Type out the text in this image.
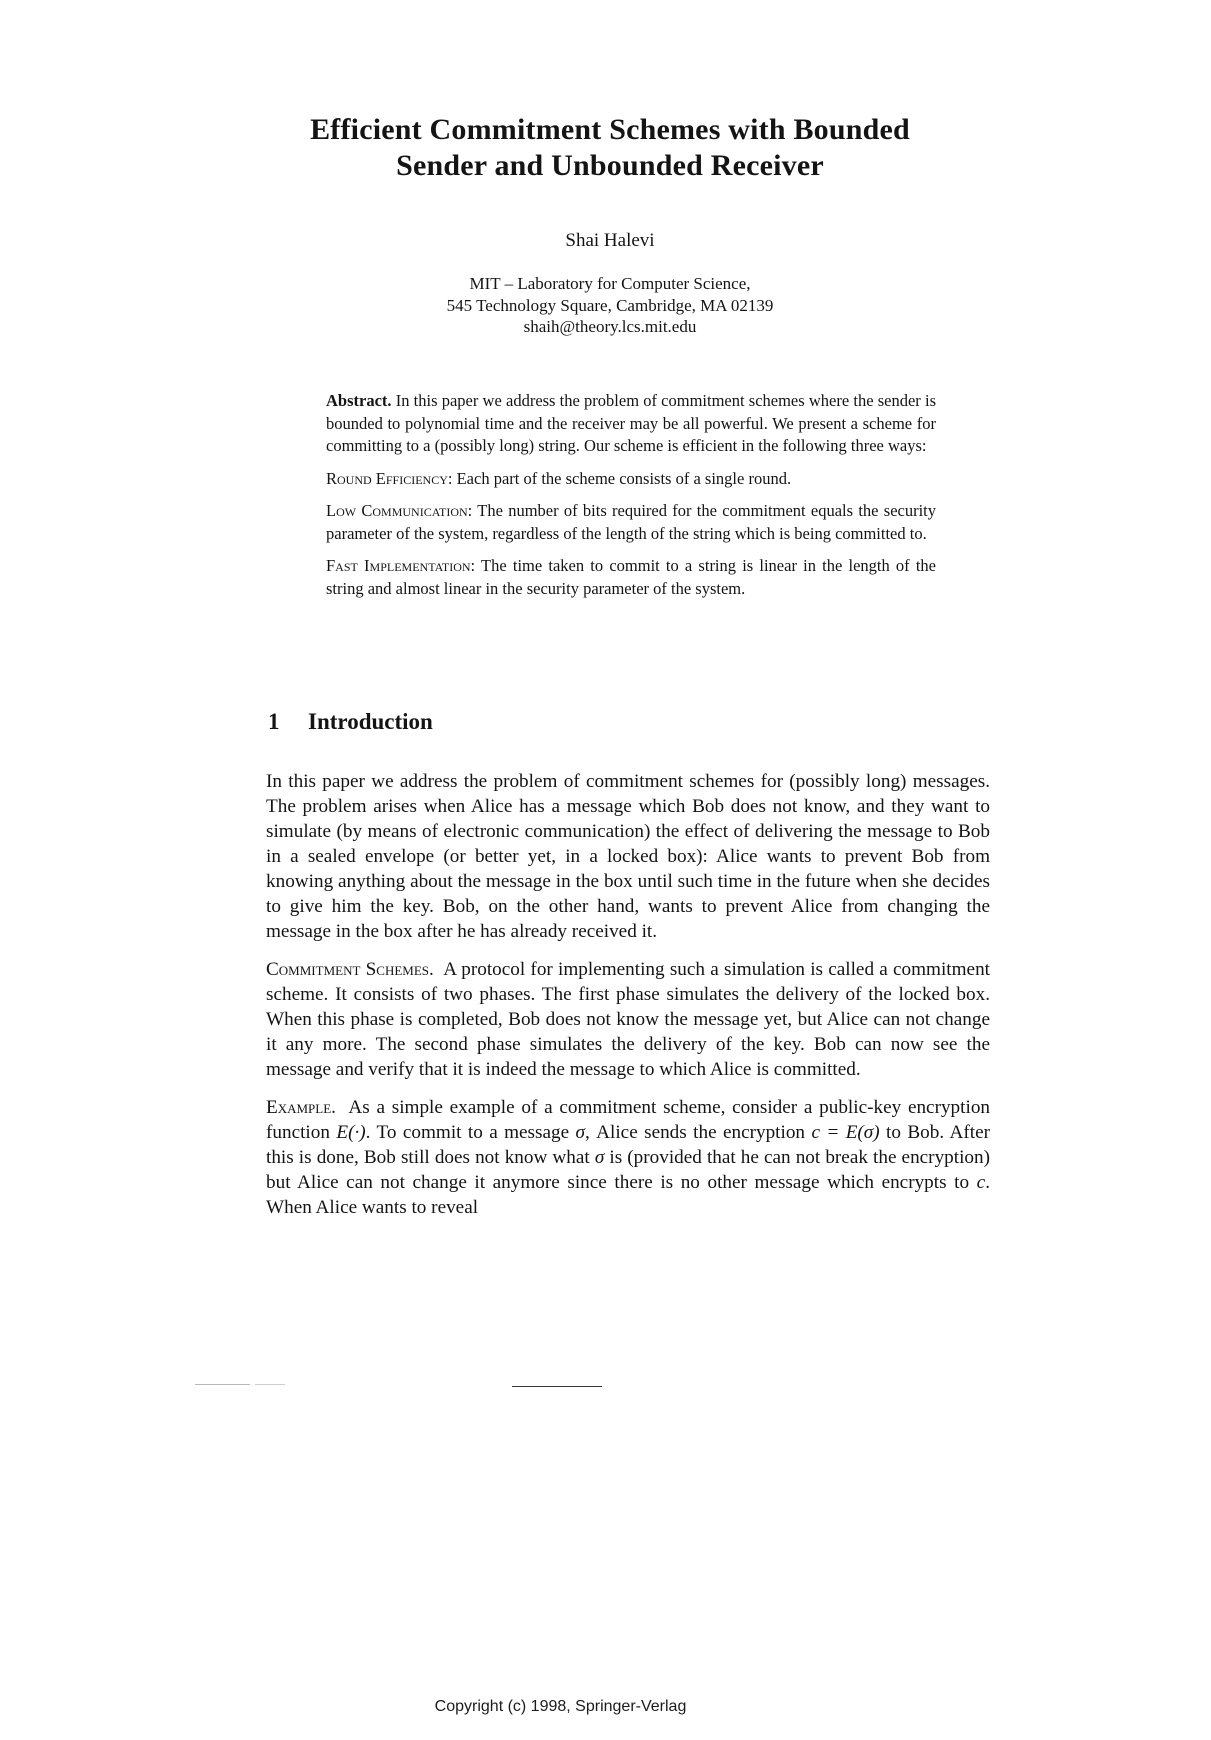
Efficient Commitment Schemes with Bounded
Sender and Unbounded Receiver
Shai Halevi
MIT – Laboratory for Computer Science,
545 Technology Square, Cambridge, MA 02139
shaih@theory.lcs.mit.edu

Abstract. In this paper we address the problem of commitment schemes where the sender is bounded to polynomial time and the receiver may be all powerful. We present a scheme for committing to a (possibly long) string. Our scheme is efficient in the following three ways:

Round Efficiency: Each part of the scheme consists of a single round.

Low Communication: The number of bits required for the commitment equals the security parameter of the system, regardless of the length of the string which is being committed to.

Fast Implementation: The time taken to commit to a string is linear in the length of the string and almost linear in the security parameter of the system.

1 Introduction

In this paper we address the problem of commitment schemes for (possibly long) messages. The problem arises when Alice has a message which Bob does not know, and they want to simulate (by means of electronic communication) the effect of delivering the message to Bob in a sealed envelope (or better yet, in a locked box): Alice wants to prevent Bob from knowing anything about the message in the box until such time in the future when she decides to give him the key. Bob, on the other hand, wants to prevent Alice from changing the message in the box after he has already received it.

Commitment Schemes. A protocol for implementing such a simulation is called a commitment scheme. It consists of two phases. The first phase simulates the delivery of the locked box. When this phase is completed, Bob does not know the message yet, but Alice can not change it any more. The second phase simulates the delivery of the key. Bob can now see the message and verify that it is indeed the message to which Alice is committed.

Example. As a simple example of a commitment scheme, consider a public-key encryption function E(·). To commit to a message σ, Alice sends the encryption c = E(σ) to Bob. After this is done, Bob still does not know what σ is (provided that he can not break the encryption) but Alice can not change it anymore since there is no other message which encrypts to c. When Alice wants to reveal

Copyright (c) 1998, Springer-Verlag
